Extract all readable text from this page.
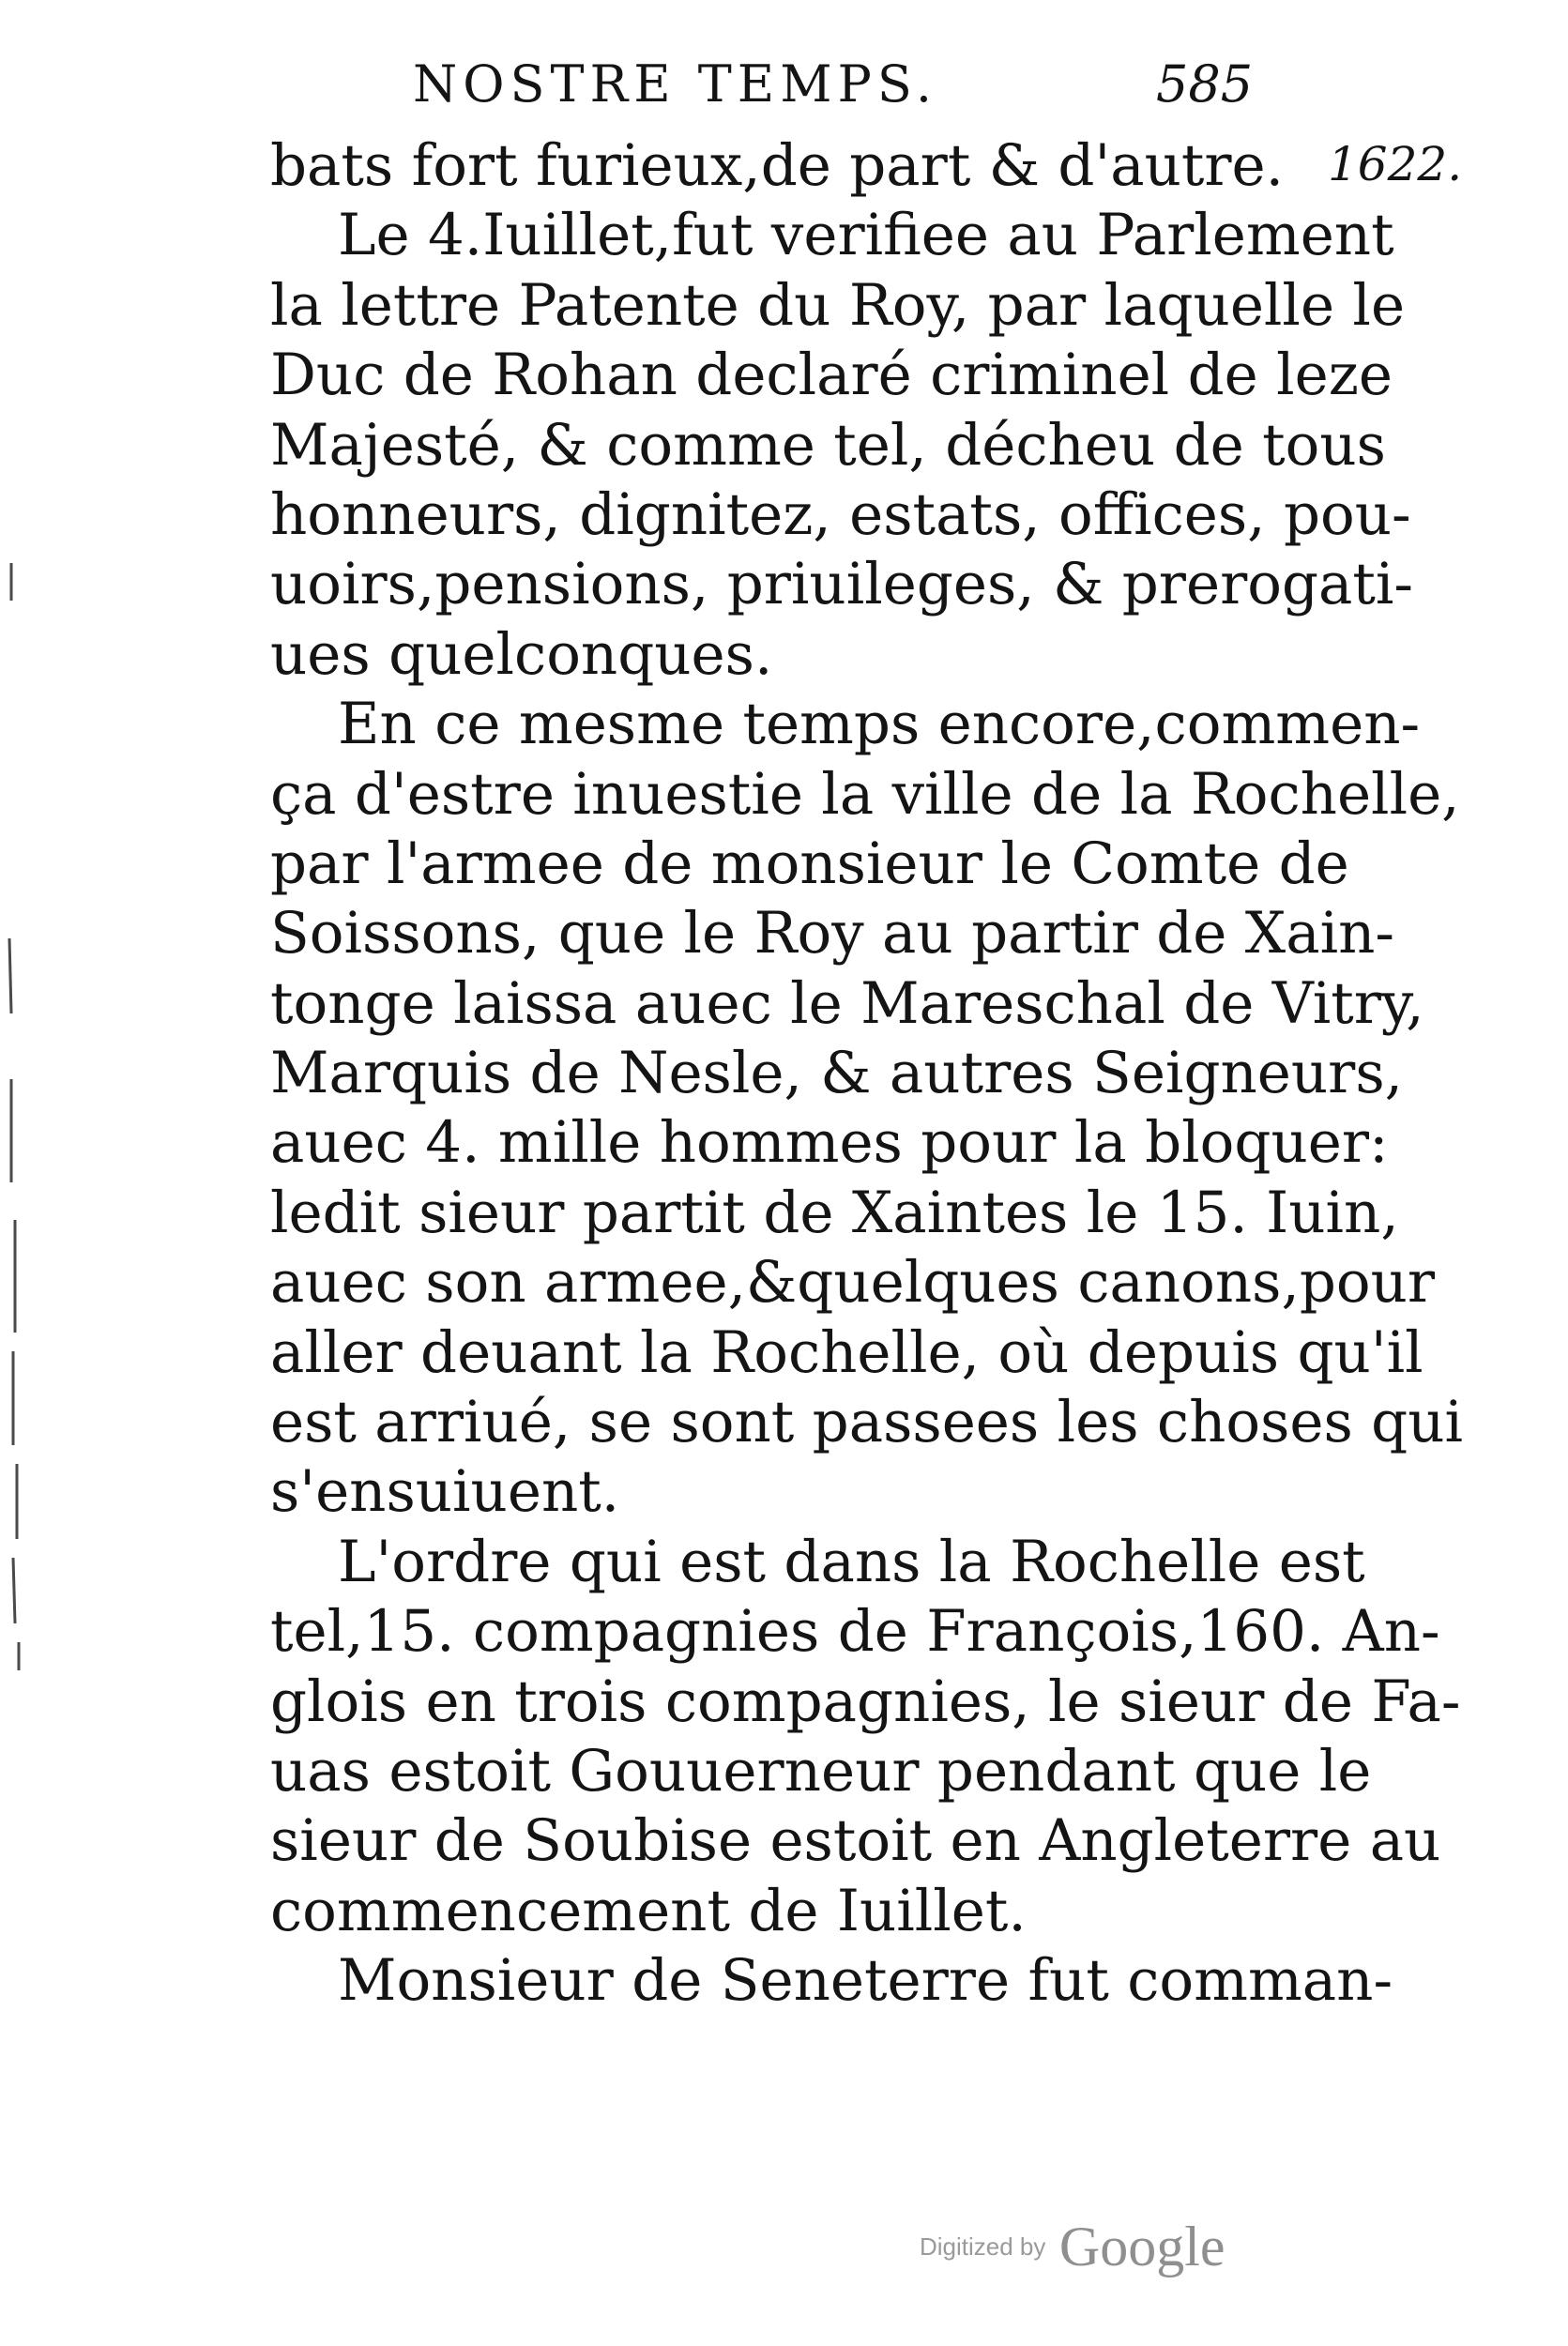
NOSTRE TEMPS.	585
1622.
bats fort furieux,de part & d'autre.
Le 4.Iuillet,fut verifiee au Parlement
la lettre Patente du Roy, par laquelle le
Duc de Rohan declaré criminel de leze
Majesté, & comme tel, décheu de tous
honneurs, dignitez, estats, offices, pou-
uoirs,pensions, priuileges, & prerogati-
ues quelconques.
En ce mesme temps encore,commen-
ça d'estre inuestie la ville de la Rochelle,
par l'armee de monsieur le Comte de
Soissons, que le Roy au partir de Xain-
tonge laissa auec le Mareschal de Vitry,
Marquis de Nesle, & autres Seigneurs,
auec 4. mille hommes pour la bloquer:
ledit sieur partit de Xaintes le 15. Iuin,
auec son armee,&quelques canons,pour
aller deuant la Rochelle, où depuis qu'il
est arriué, se sont passees les choses qui
s'ensuiuent.
L'ordre qui est dans la Rochelle est
tel,15. compagnies de François,160. An-
glois en trois compagnies, le sieur de Fa-
uas estoit Gouuerneur pendant que le
sieur de Soubise estoit en Angleterre au
commencement de Iuillet.
Monsieur de Seneterre fut comman-
Digitized by Google
